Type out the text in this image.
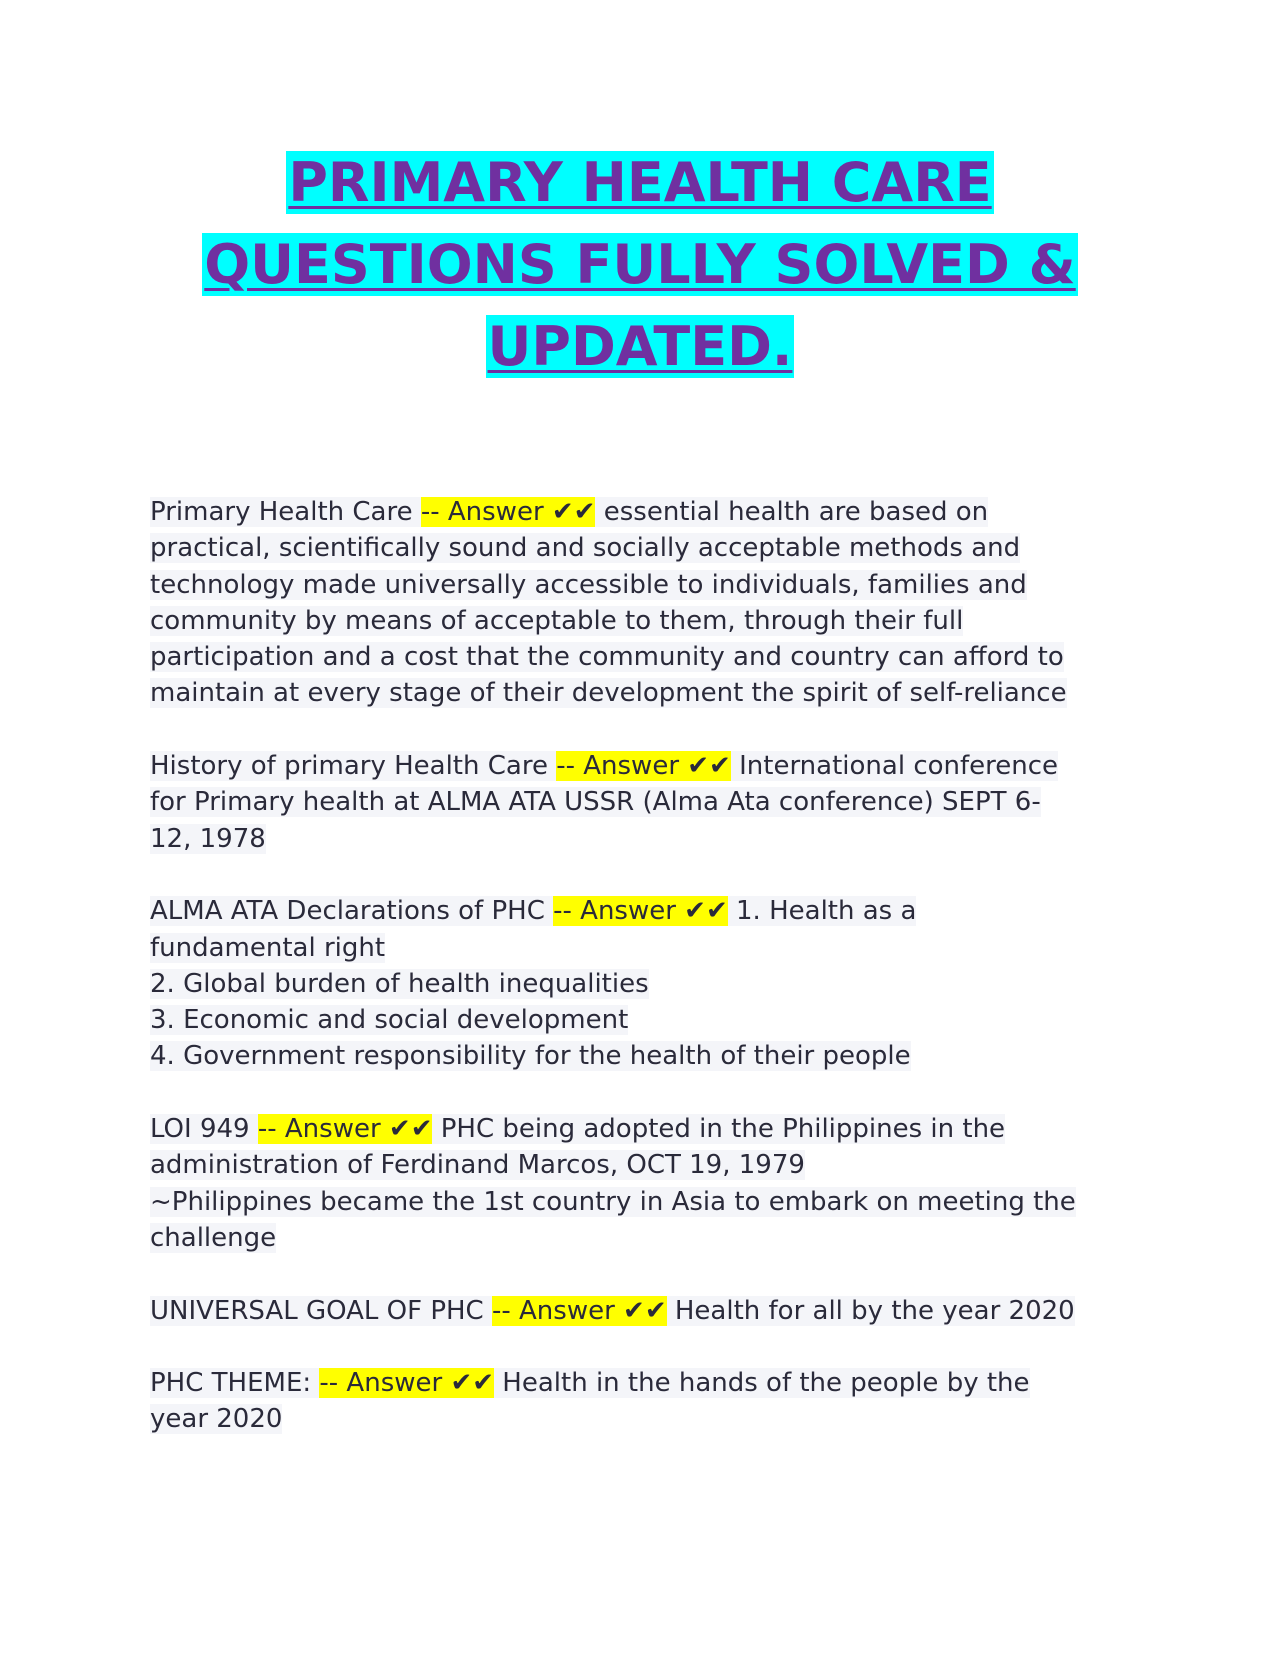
PRIMARY HEALTH CARE
QUESTIONS FULLY SOLVED &
UPDATED.
Primary Health Care -- Answer ✔✔ essential health are based on
practical, scientifically sound and socially acceptable methods and
technology made universally accessible to individuals, families and
community by means of acceptable to them, through their full
participation and a cost that the community and country can afford to
maintain at every stage of their development the spirit of self-reliance
History of primary Health Care -- Answer ✔✔ International conference
for Primary health at ALMA ATA USSR (Alma Ata conference) SEPT 6-
12, 1978
ALMA ATA Declarations of PHC -- Answer ✔✔ 1. Health as a
fundamental right
2. Global burden of health inequalities
3. Economic and social development
4. Government responsibility for the health of their people
LOI 949 -- Answer ✔✔ PHC being adopted in the Philippines in the
administration of Ferdinand Marcos, OCT 19, 1979
~Philippines became the 1st country in Asia to embark on meeting the
challenge
UNIVERSAL GOAL OF PHC -- Answer ✔✔ Health for all by the year 2020
PHC THEME: -- Answer ✔✔ Health in the hands of the people by the
year 2020
